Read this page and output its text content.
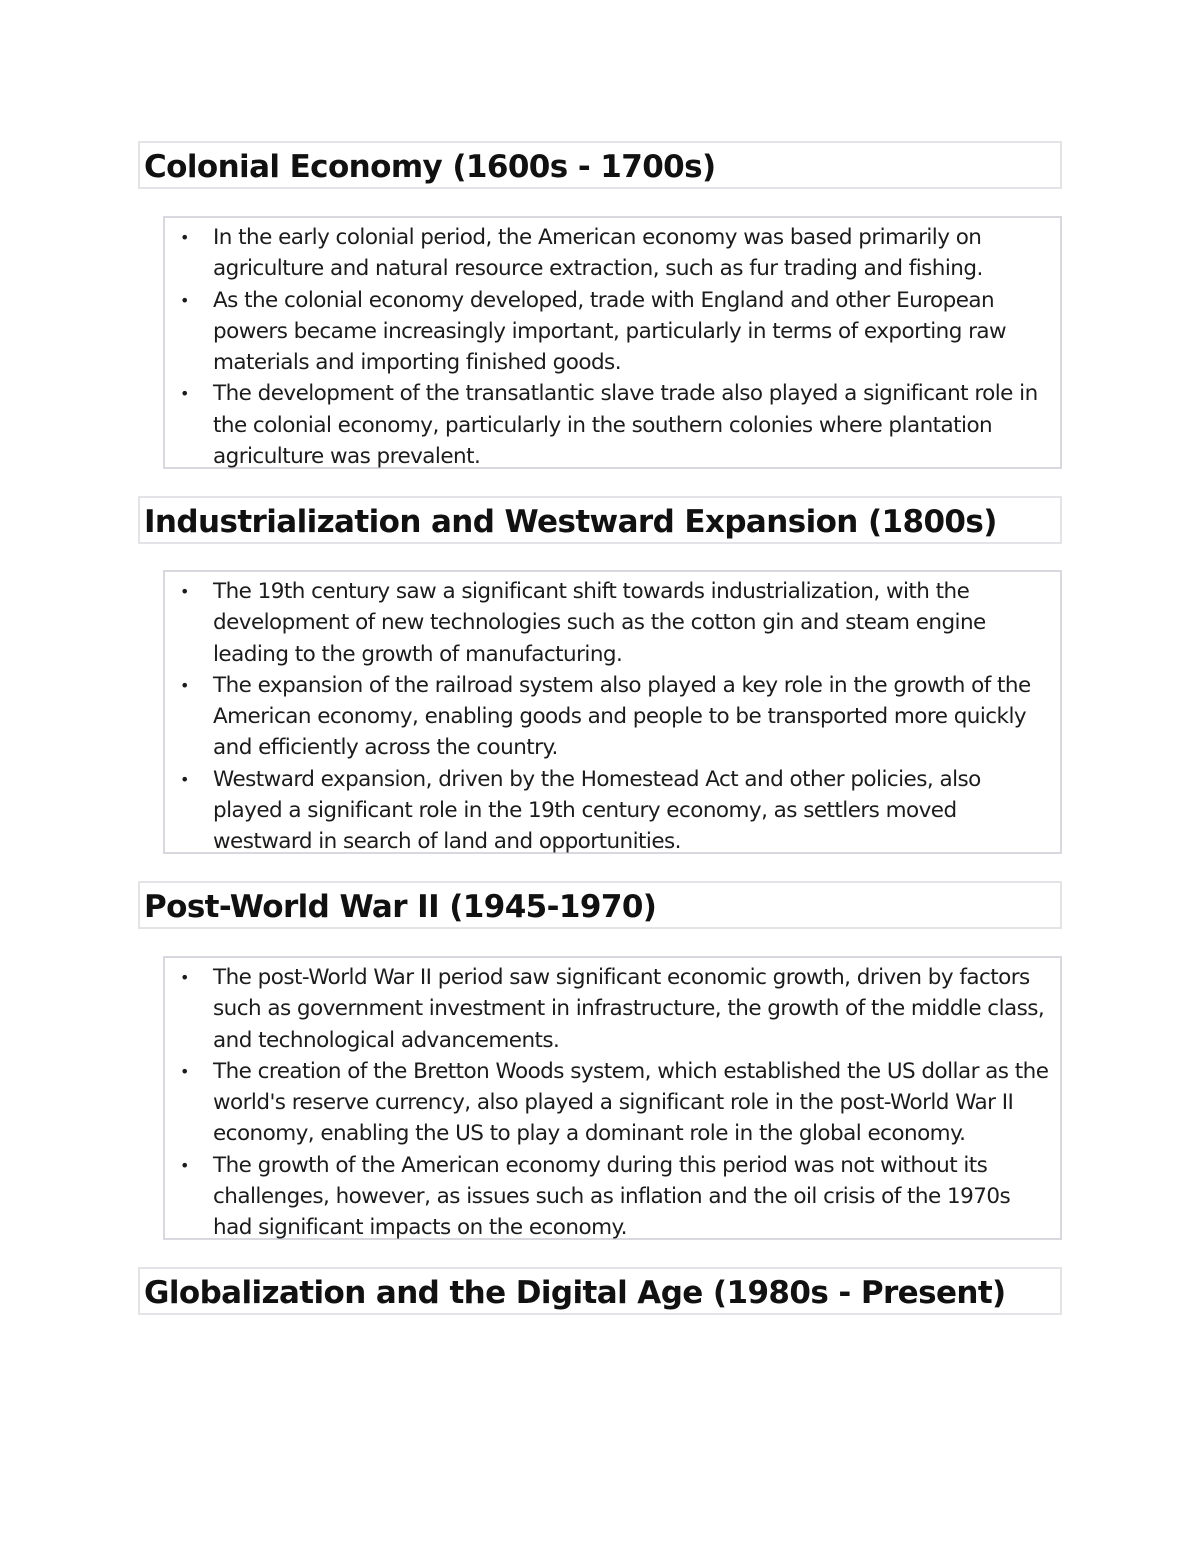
Colonial Economy (1600s - 1700s)
• In the early colonial period, the American economy was based primarily on agriculture and natural resource extraction, such as fur trading and fishing.
• As the colonial economy developed, trade with England and other European powers became increasingly important, particularly in terms of exporting raw materials and importing finished goods.
• The development of the transatlantic slave trade also played a significant role in the colonial economy, particularly in the southern colonies where plantation agriculture was prevalent.
Industrialization and Westward Expansion (1800s)
• The 19th century saw a significant shift towards industrialization, with the development of new technologies such as the cotton gin and steam engine leading to the growth of manufacturing.
• The expansion of the railroad system also played a key role in the growth of the American economy, enabling goods and people to be transported more quickly and efficiently across the country.
• Westward expansion, driven by the Homestead Act and other policies, also played a significant role in the 19th century economy, as settlers moved westward in search of land and opportunities.
Post-World War II (1945-1970)
• The post-World War II period saw significant economic growth, driven by factors such as government investment in infrastructure, the growth of the middle class, and technological advancements.
• The creation of the Bretton Woods system, which established the US dollar as the world's reserve currency, also played a significant role in the post-World War II economy, enabling the US to play a dominant role in the global economy.
• The growth of the American economy during this period was not without its challenges, however, as issues such as inflation and the oil crisis of the 1970s had significant impacts on the economy.
Globalization and the Digital Age (1980s - Present)
